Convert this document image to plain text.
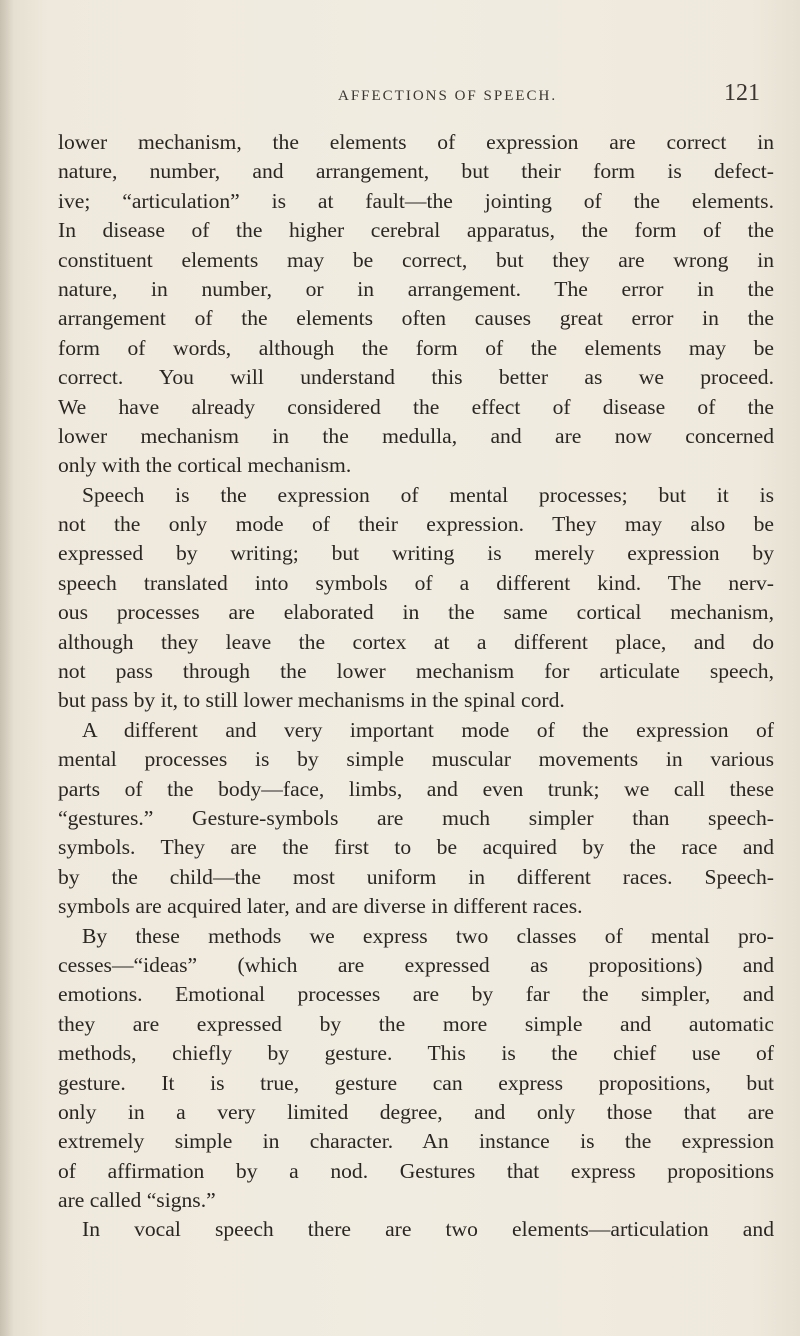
AFFECTIONS OF SPEECH.	121
lower mechanism, the elements of expression are correct in
nature, number, and arrangement, but their form is defect-
ive; “articulation” is at fault—the jointing of the elements.
In disease of the higher cerebral apparatus, the form of the
constituent elements may be correct, but they are wrong in
nature, in number, or in arrangement. The error in the
arrangement of the elements often causes great error in the
form of words, although the form of the elements may be
correct. You will understand this better as we proceed.
We have already considered the effect of disease of the
lower mechanism in the medulla, and are now concerned
only with the cortical mechanism.
Speech is the expression of mental processes; but it is
not the only mode of their expression. They may also be
expressed by writing; but writing is merely expression by
speech translated into symbols of a different kind. The nerv-
ous processes are elaborated in the same cortical mechanism,
although they leave the cortex at a different place, and do
not pass through the lower mechanism for articulate speech,
but pass by it, to still lower mechanisms in the spinal cord.
A different and very important mode of the expression of
mental processes is by simple muscular movements in various
parts of the body—face, limbs, and even trunk; we call these
“gestures.” Gesture-symbols are much simpler than speech-
symbols. They are the first to be acquired by the race and
by the child—the most uniform in different races. Speech-
symbols are acquired later, and are diverse in different races.
By these methods we express two classes of mental pro-
cesses—“ideas” (which are expressed as propositions) and
emotions. Emotional processes are by far the simpler, and
they are expressed by the more simple and automatic
methods, chiefly by gesture. This is the chief use of
gesture. It is true, gesture can express propositions, but
only in a very limited degree, and only those that are
extremely simple in character. An instance is the expression
of affirmation by a nod. Gestures that express propositions
are called “signs.”
In vocal speech there are two elements—articulation and
